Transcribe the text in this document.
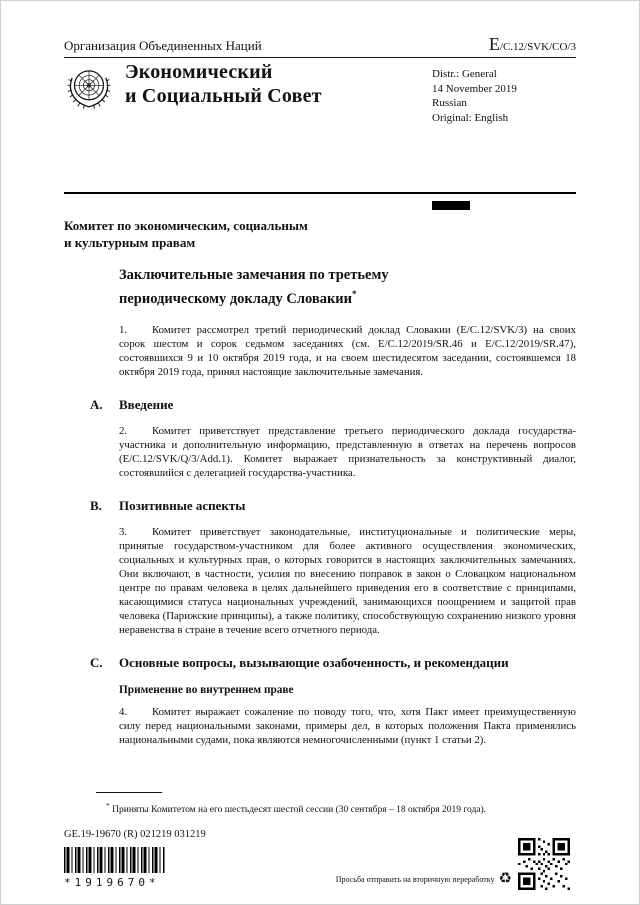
Организация Объединенных Наций	E/C.12/SVK/CO/3
Экономический
и Социальный Совет
Distr.: General
14 November 2019
Russian
Original: English
Комитет по экономическим, социальным
и культурным правам
Заключительные замечания по третьему
периодическому докладу Словакии*

1. Комитет рассмотрел третий периодический доклад Словакии (E/C.12/SVK/3) на своих сорок шестом и сорок седьмом заседаниях (см. E/C.12/2019/SR.46 и E/C.12/2019/SR.47), состоявшихся 9 и 10 октября 2019 года, и на своем шестидесятом заседании, состоявшемся 18 октября 2019 года, принял настоящие заключительные замечания.

A. Введение

2. Комитет приветствует представление третьего периодического доклада государства-участника и дополнительную информацию, представленную в ответах на перечень вопросов (E/C.12/SVK/Q/3/Add.1). Комитет выражает признательность за конструктивный диалог, состоявшийся с делегацией государства-участника.

B. Позитивные аспекты

3. Комитет приветствует законодательные, институциональные и политические меры, принятые государством-участником для более активного осуществления экономических, социальных и культурных прав, о которых говорится в настоящих заключительных замечаниях. Они включают, в частности, усилия по внесению поправок в закон о Словацком национальном центре по правам человека в целях дальнейшего приведения его в соответствие с принципами, касающимися статуса национальных учреждений, занимающихся поощрением и защитой прав человека (Парижские принципы), а также политику, способствующую сохранению низкого уровня неравенства в стране в течение всего отчетного периода.

C. Основные вопросы, вызывающие озабоченность, и рекомендации
Применение во внутреннем праве

4. Комитет выражает сожаление по поводу того, что, хотя Пакт имеет преимущественную силу перед национальными законами, примеры дел, в которых положения Пакта применялись национальными судами, пока являются немногочисленными (пункт 1 статьи 2).

* Приняты Комитетом на его шестьдесят шестой сессии (30 сентября – 18 октября 2019 года).

GE.19-19670 (R) 021219 031219
*1919670*	Просьба отправить на вторичную переработку ♻
